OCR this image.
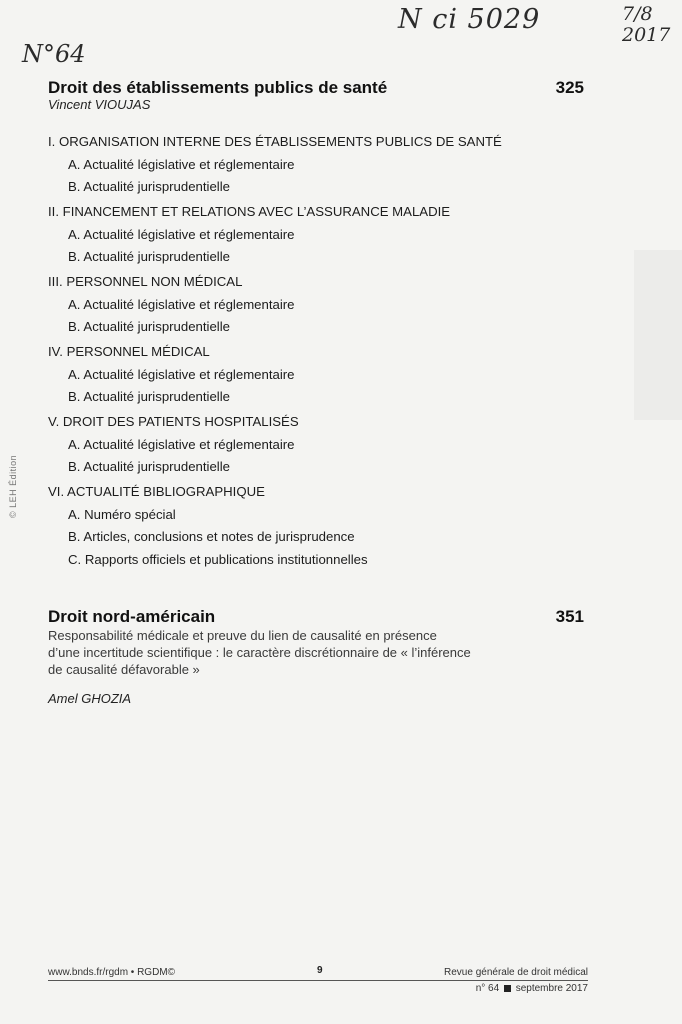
N ci 5029
N°64
7/8
2017
© LEH Édition
Droit des établissements publics de santé	325
Vincent VIOUJAS
I. ORGANISATION INTERNE DES ÉTABLISSEMENTS PUBLICS DE SANTÉ
A. Actualité législative et réglementaire
B. Actualité jurisprudentielle
II. FINANCEMENT ET RELATIONS AVEC L’ASSURANCE MALADIE
A. Actualité législative et réglementaire
B. Actualité jurisprudentielle
III. PERSONNEL NON MÉDICAL
A. Actualité législative et réglementaire
B. Actualité jurisprudentielle
IV. PERSONNEL MÉDICAL
A. Actualité législative et réglementaire
B. Actualité jurisprudentielle
V. DROIT DES PATIENTS HOSPITALISÉS
A. Actualité législative et réglementaire
B. Actualité jurisprudentielle
VI. ACTUALITÉ BIBLIOGRAPHIQUE
A. Numéro spécial
B. Articles, conclusions et notes de jurisprudence
C. Rapports officiels et publications institutionnelles
Droit nord-américain	351
Responsabilité médicale et preuve du lien de causalité en présence
d’une incertitude scientifique : le caractère discrétionnaire de « l’inférence
de causalité défavorable »
Amel GHOZIA
www.bnds.fr/rgdm • RGDM©	9	Revue générale de droit médical
n° 64 septembre 2017
